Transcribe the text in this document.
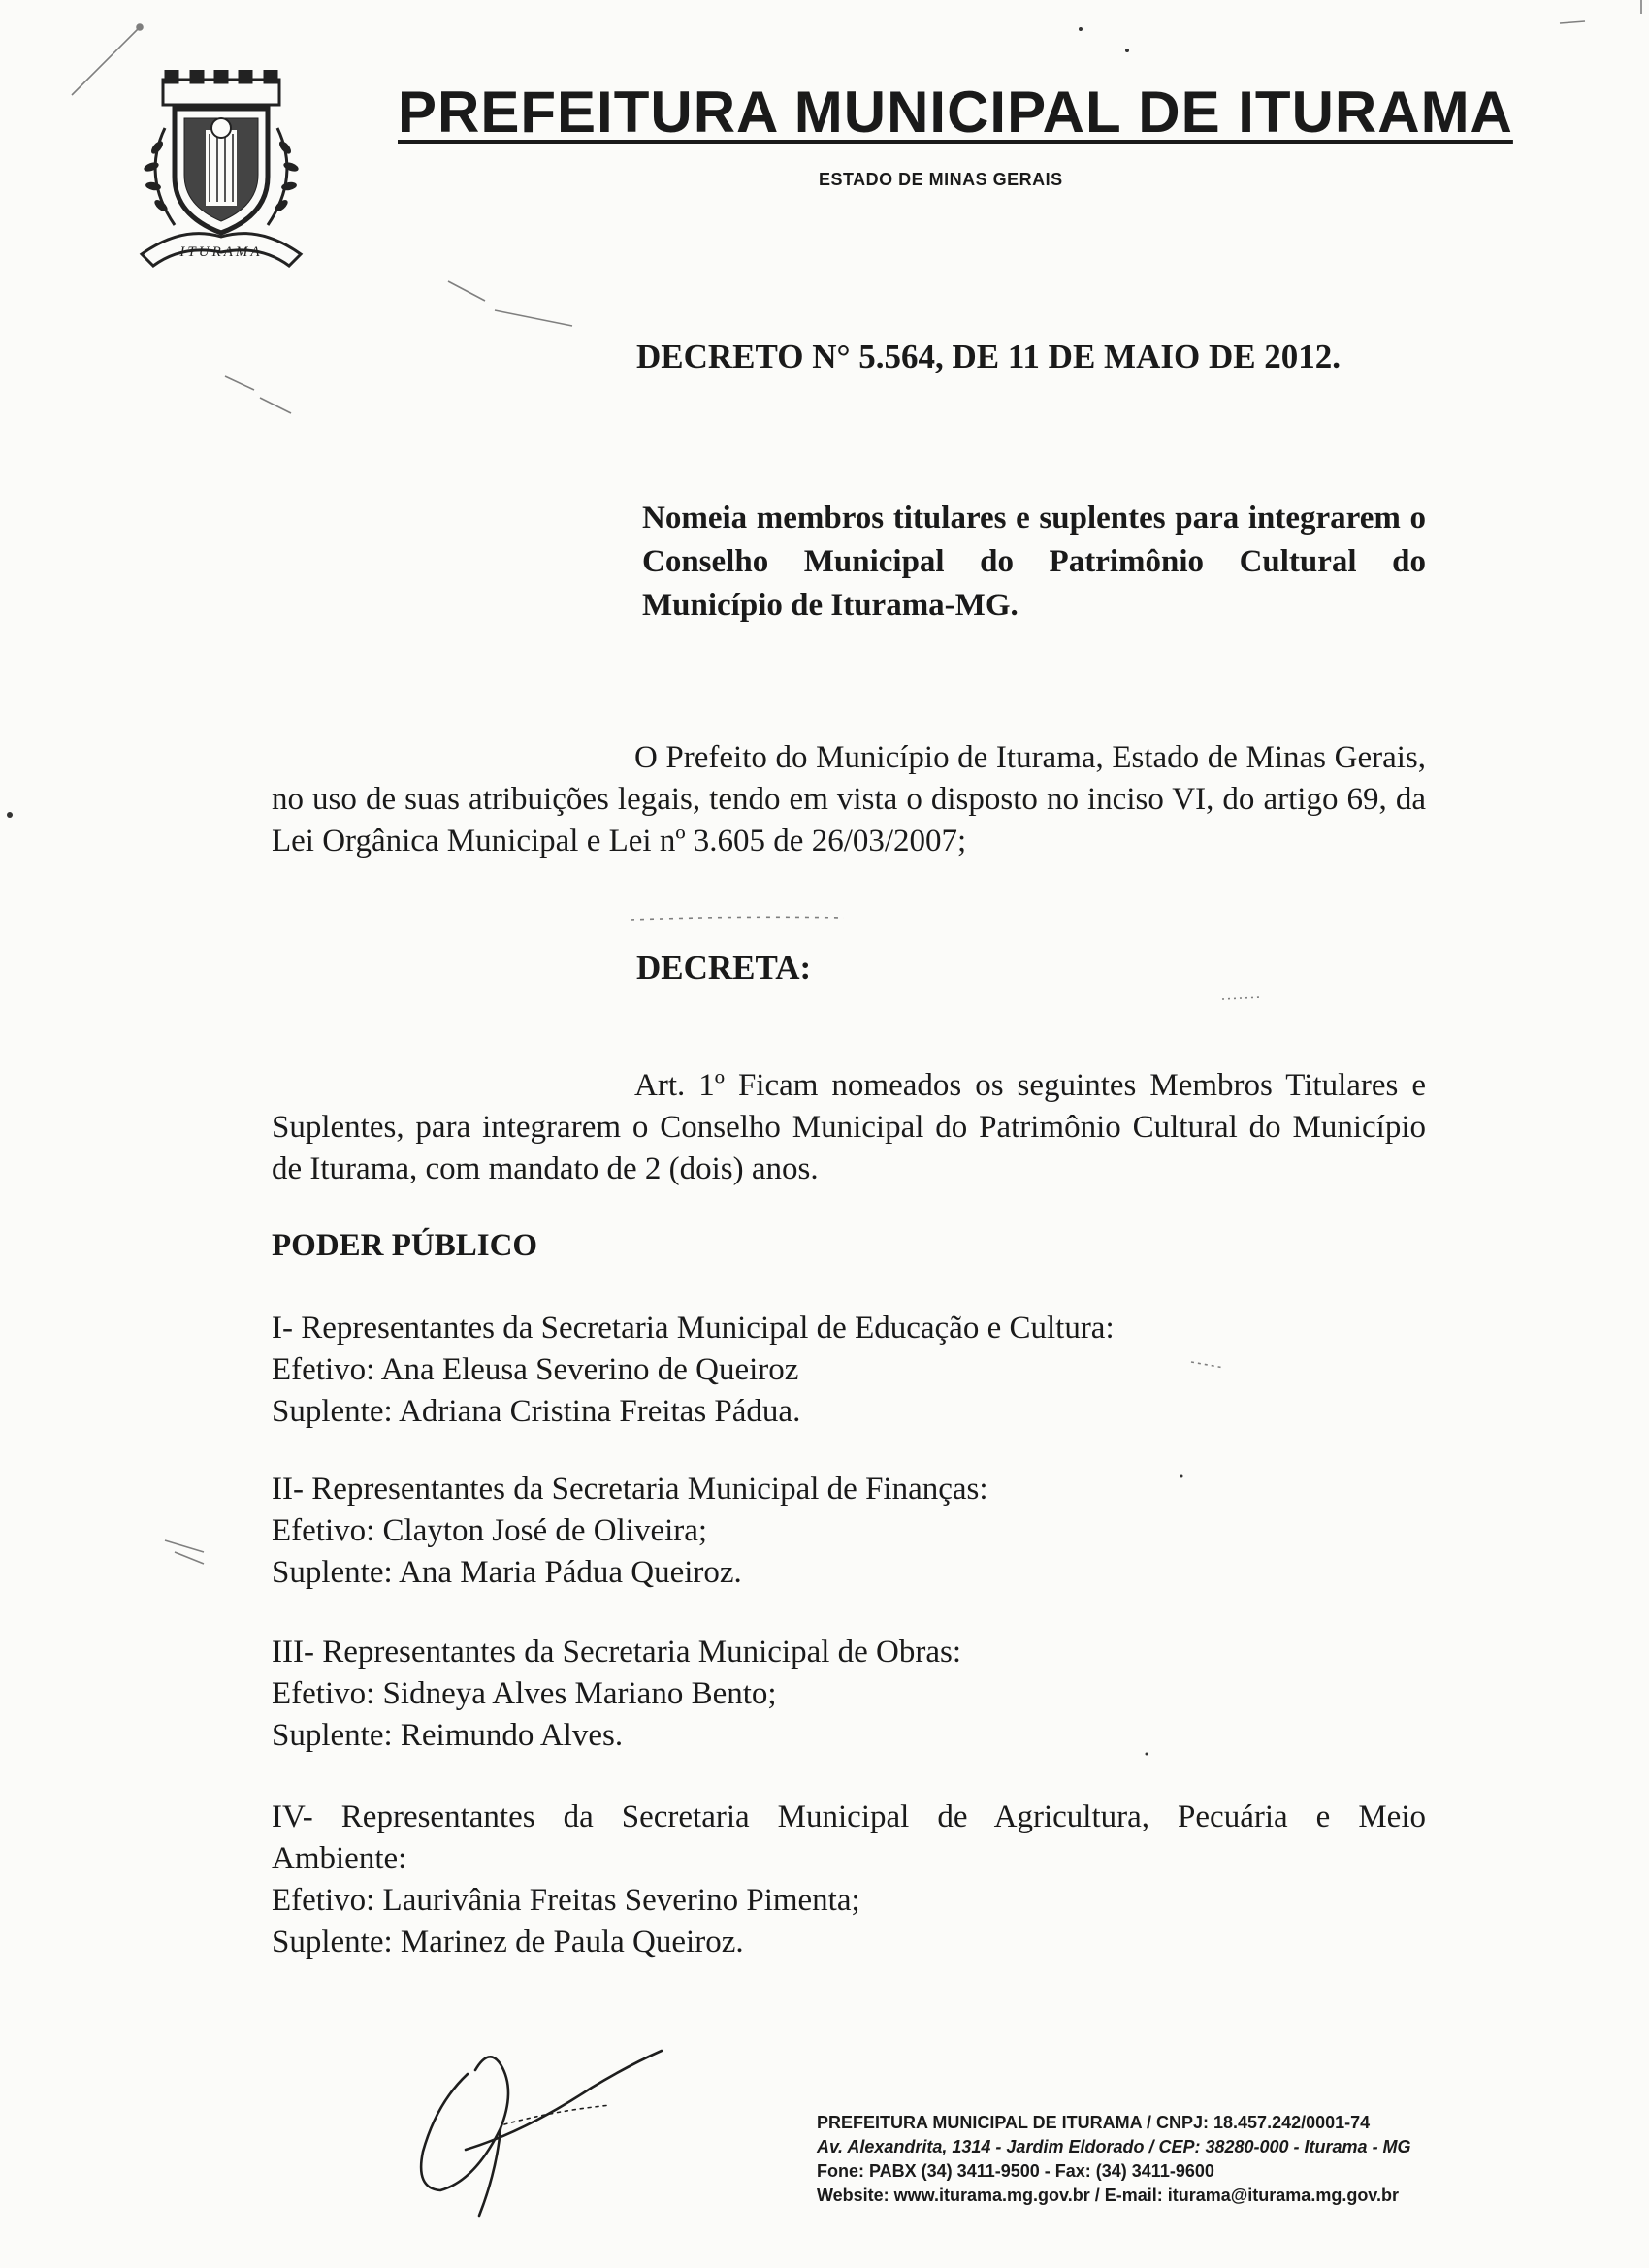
ITURAMA
PREFEITURA MUNICIPAL DE ITURAMA
ESTADO DE MINAS GERAIS
DECRETO N° 5.564, DE 11 DE MAIO DE 2012.
Nomeia membros titulares e suplentes para integrarem o Conselho Municipal do Patrimônio Cultural do Município de Iturama-MG.
O Prefeito do Município de Iturama, Estado de Minas Gerais, no uso de suas atribuições legais, tendo em vista o disposto no inciso VI, do artigo 69, da Lei Orgânica Municipal e Lei nº 3.605 de 26/03/2007;
DECRETA:
Art. 1º Ficam nomeados os seguintes Membros Titulares e Suplentes, para integrarem o Conselho Municipal do Patrimônio Cultural do Município de Iturama, com mandato de 2 (dois) anos.
PODER PÚBLICO
I- Representantes da Secretaria Municipal de Educação e Cultura:
Efetivo: Ana Eleusa Severino de Queiroz
Suplente: Adriana Cristina Freitas Pádua.
II- Representantes da Secretaria Municipal de Finanças:
Efetivo: Clayton José de Oliveira;
Suplente: Ana Maria Pádua Queiroz.
III- Representantes da Secretaria Municipal de Obras:
Efetivo: Sidneya Alves Mariano Bento;
Suplente: Reimundo Alves.
IV- Representantes da Secretaria Municipal de Agricultura, Pecuária e Meio
Ambiente:
Efetivo: Laurivânia Freitas Severino Pimenta;
Suplente: Marinez de Paula Queiroz.
PREFEITURA MUNICIPAL DE ITURAMA / CNPJ: 18.457.242/0001-74
Av. Alexandrita, 1314 - Jardim Eldorado / CEP: 38280-000 - Iturama - MG
Fone: PABX (34) 3411-9500 - Fax: (34) 3411-9600
Website: www.iturama.mg.gov.br / E-mail: iturama@iturama.mg.gov.br
